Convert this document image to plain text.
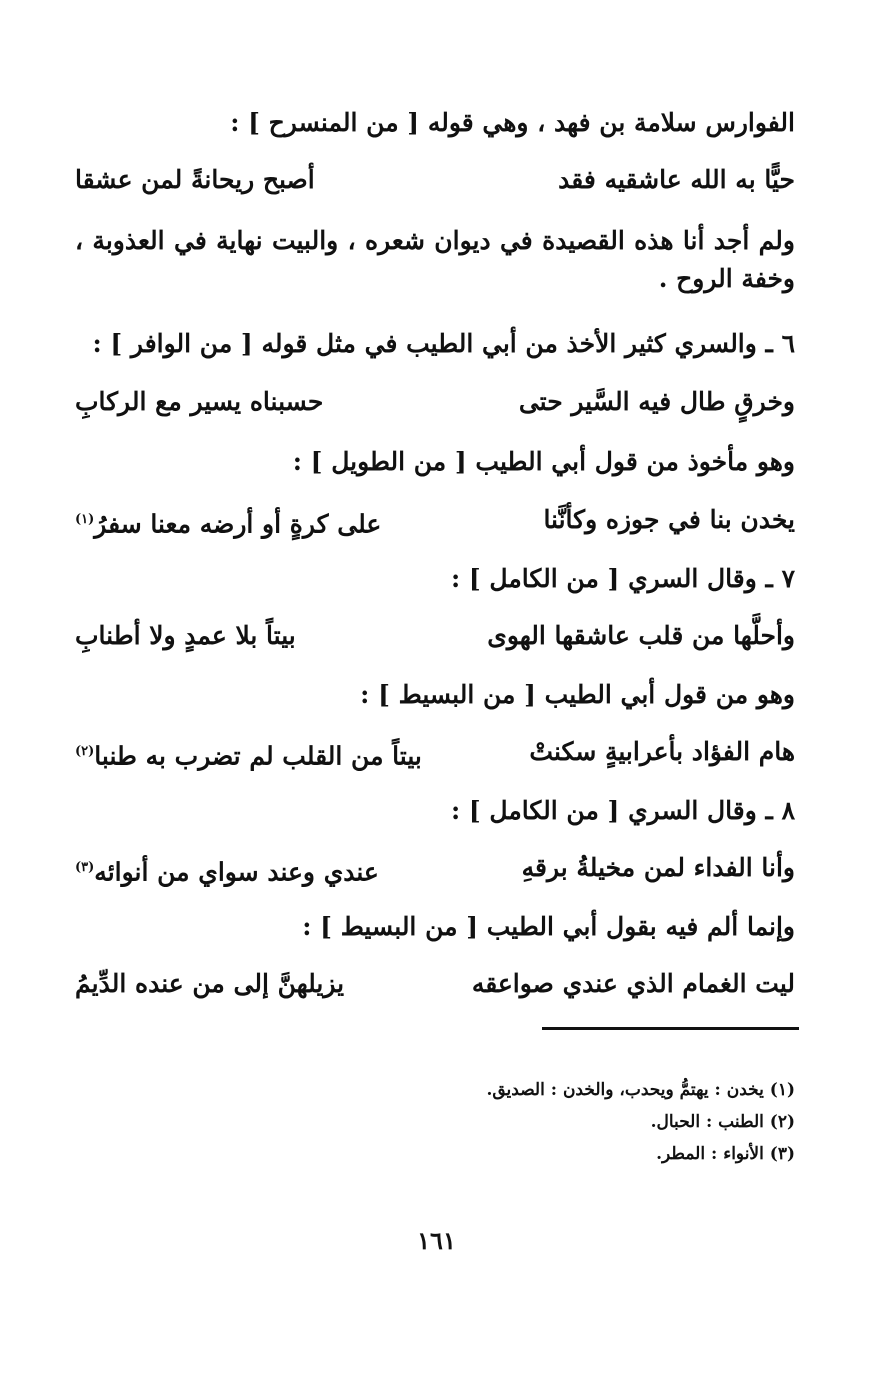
الفوارس سلامة بن فهد ، وهي قوله [ من المنسرح ] :
حيًّا به الله عاشقيه فقد
أصبح ريحانةً لمن عشقا
ولم أجد أنا هذه القصيدة في ديوان شعره ، والبيت نهاية في العذوبة ، وخفة الروح .
٦ ـ والسري كثير الأخذ من أبي الطيب في مثل قوله [ من الوافر ] :
وخرقٍ طال فيه السَّير حتى
حسبناه يسير مع الركابِ
وهو مأخوذ من قول أبي الطيب [ من الطويل ] :
يخدن بنا في جوزه وكأنَّنا
على كرةٍ أو أرضه معنا سفرُ$^{(١)}$
٧ ـ وقال السري [ من الكامل ] :
وأحلَّها من قلب عاشقها الهوى
بيتاً بلا عمدٍ ولا أطنابِ
وهو من قول أبي الطيب [ من البسيط ] :
هام الفؤاد بأعرابيةٍ سكنتْ
بيتاً من القلب لم تضرب به طنبا$^{(٢)}$
٨ ـ وقال السري [ من الكامل ] :
وأنا الفداء لمن مخيلةُ برقهِ
عندي وعند سواي من أنوائه$^{(٣)}$
وإنما ألم فيه بقول أبي الطيب [ من البسيط ] :
ليت الغمام الذي عندي صواعقه
يزيلهنَّ إلى من عنده الدِّيمُ
(١) يخدن : يهتمُّ ويحدب، والخدن : الصديق.
(٢) الطنب : الحبال.
(٣) الأنواء : المطر.
١٦١
